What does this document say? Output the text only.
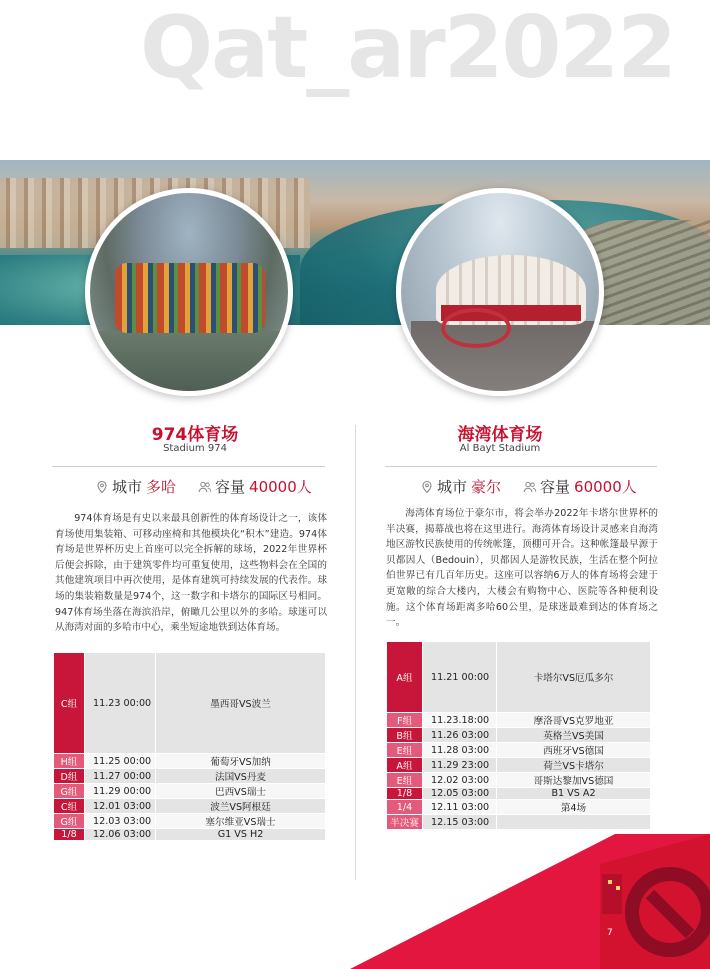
Qat_ar2022
974体育场
Stadium 974
城市 多哈	容量 40000人
974体育场是有史以来最具创新性的体育场设计之一，该体育场使用集装箱、可移动座椅和其他模块化“积木”建造。974体育场是世界杯历史上首座可以完全拆解的球场，2022年世界杯后便会拆除，由于建筑零件均可重复使用，这些物料会在全国的其他建筑项目中再次使用，是体育建筑可持续发展的代表作。球场的集装箱数量是974个，这一数字和卡塔尔的国际区号相同。947体育场坐落在海滨沿岸，俯瞰几公里以外的多哈。球迷可以从海湾对面的多哈市中心，乘坐短途地铁到达体育场。
C组	11.23 00:00	墨西哥VS波兰
H组	11.25 00:00	葡萄牙VS加纳
D组	11.27 00:00	法国VS丹麦
G组	11.29 00:00	巴西VS瑞士
C组	12.01 03:00	波兰VS阿根廷
G组	12.03 03:00	塞尔维亚VS瑞士
1/8	12.06 03:00	G1 VS H2
海湾体育场
Al Bayt Stadium
城市 豪尔	容量 60000人
海湾体育场位于豪尔市，将会举办2022年卡塔尔世界杯的半决赛，揭幕战也将在这里进行。海湾体育场设计灵感来自海湾地区游牧民族使用的传统帐篷，顶棚可开合。这种帐篷最早源于贝都因人（Bedouin），贝都因人是游牧民族，生活在整个阿拉伯世界已有几百年历史。这座可以容纳6万人的体育场将会建于更宽敞的综合大楼内，大楼会有购物中心、医院等各种便利设施。这个体育场距离多哈60公里，是球迷最难到达的体育场之一。
A组	11.21 00:00	卡塔尔VS厄瓜多尔
F组	11.23.18:00	摩洛哥VS克罗地亚
B组	11.26 03:00	英格兰VS美国
E组	11.28 03:00	西班牙VS德国
A组	11.29 23:00	荷兰VS卡塔尔
E组	12.02 03:00	哥斯达黎加VS德国
1/8	12.05 03:00	B1 VS A2
1/4	12.11 03:00	第4场
半决赛	12.15 03:00	
7
